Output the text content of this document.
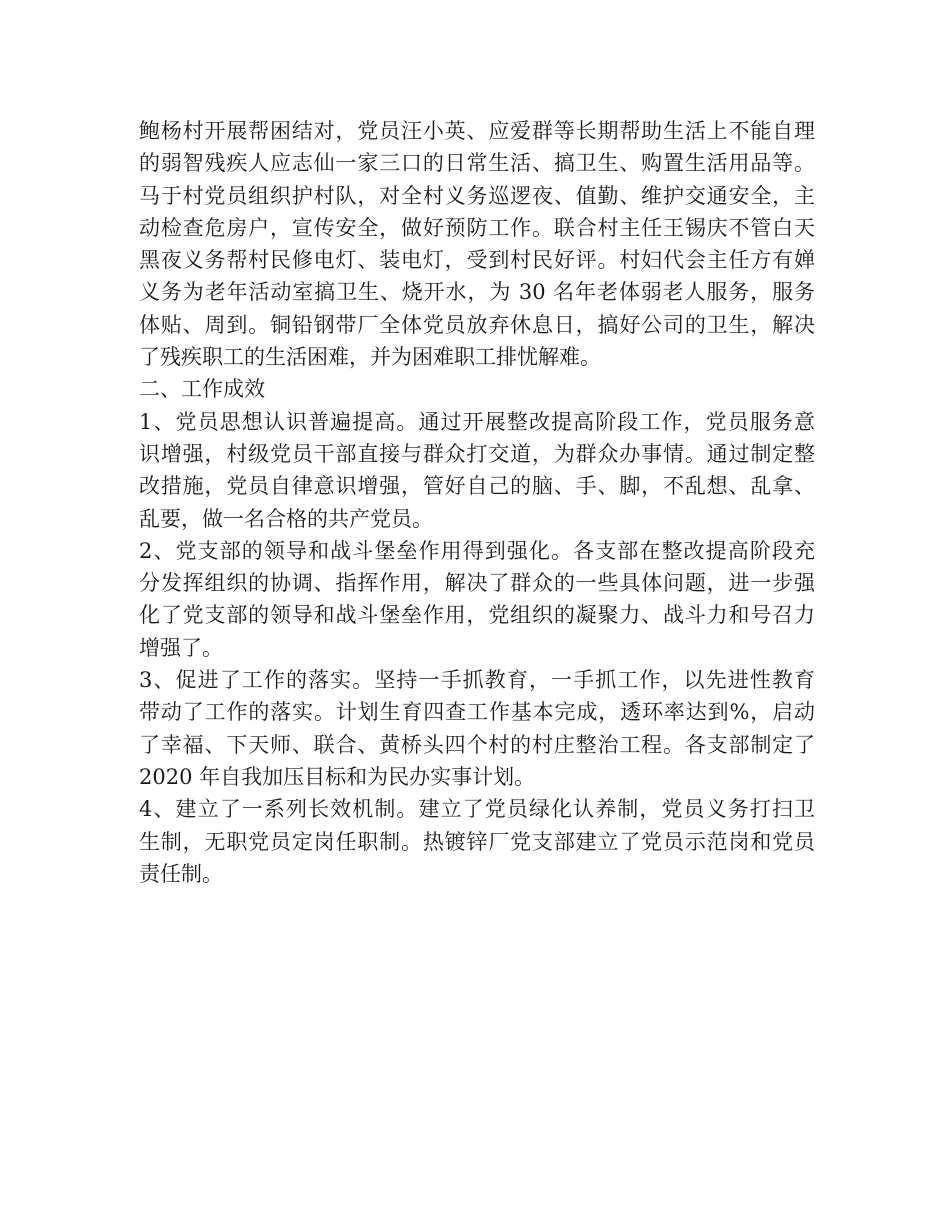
鲍杨村开展帮困结对，党员汪小英、应爱群等长期帮助生活上不能自理
的弱智残疾人应志仙一家三口的日常生活、搞卫生、购置生活用品等。
马于村党员组织护村队，对全村义务巡逻夜、值勤、维护交通安全，主
动检查危房户，宣传安全，做好预防工作。联合村主任王锡庆不管白天
黑夜义务帮村民修电灯、装电灯，受到村民好评。村妇代会主任方有婵
义务为老年活动室搞卫生、烧开水，为 30 名年老体弱老人服务，服务
体贴、周到。铜铅钢带厂全体党员放弃休息日，搞好公司的卫生，解决
了残疾职工的生活困难，并为困难职工排忧解难。
二、工作成效
1、党员思想认识普遍提高。通过开展整改提高阶段工作，党员服务意
识增强，村级党员干部直接与群众打交道，为群众办事情。通过制定整
改措施，党员自律意识增强，管好自己的脑、手、脚，不乱想、乱拿、
乱要，做一名合格的共产党员。
2、党支部的领导和战斗堡垒作用得到强化。各支部在整改提高阶段充
分发挥组织的协调、指挥作用，解决了群众的一些具体问题，进一步强
化了党支部的领导和战斗堡垒作用，党组织的凝聚力、战斗力和号召力
增强了。
3、促进了工作的落实。坚持一手抓教育，一手抓工作，以先进性教育
带动了工作的落实。计划生育四查工作基本完成，透环率达到%，启动
了幸福、下天师、联合、黄桥头四个村的村庄整治工程。各支部制定了
2020 年自我加压目标和为民办实事计划。
4、建立了一系列长效机制。建立了党员绿化认养制，党员义务打扫卫
生制，无职党员定岗任职制。热镀锌厂党支部建立了党员示范岗和党员
责任制。
